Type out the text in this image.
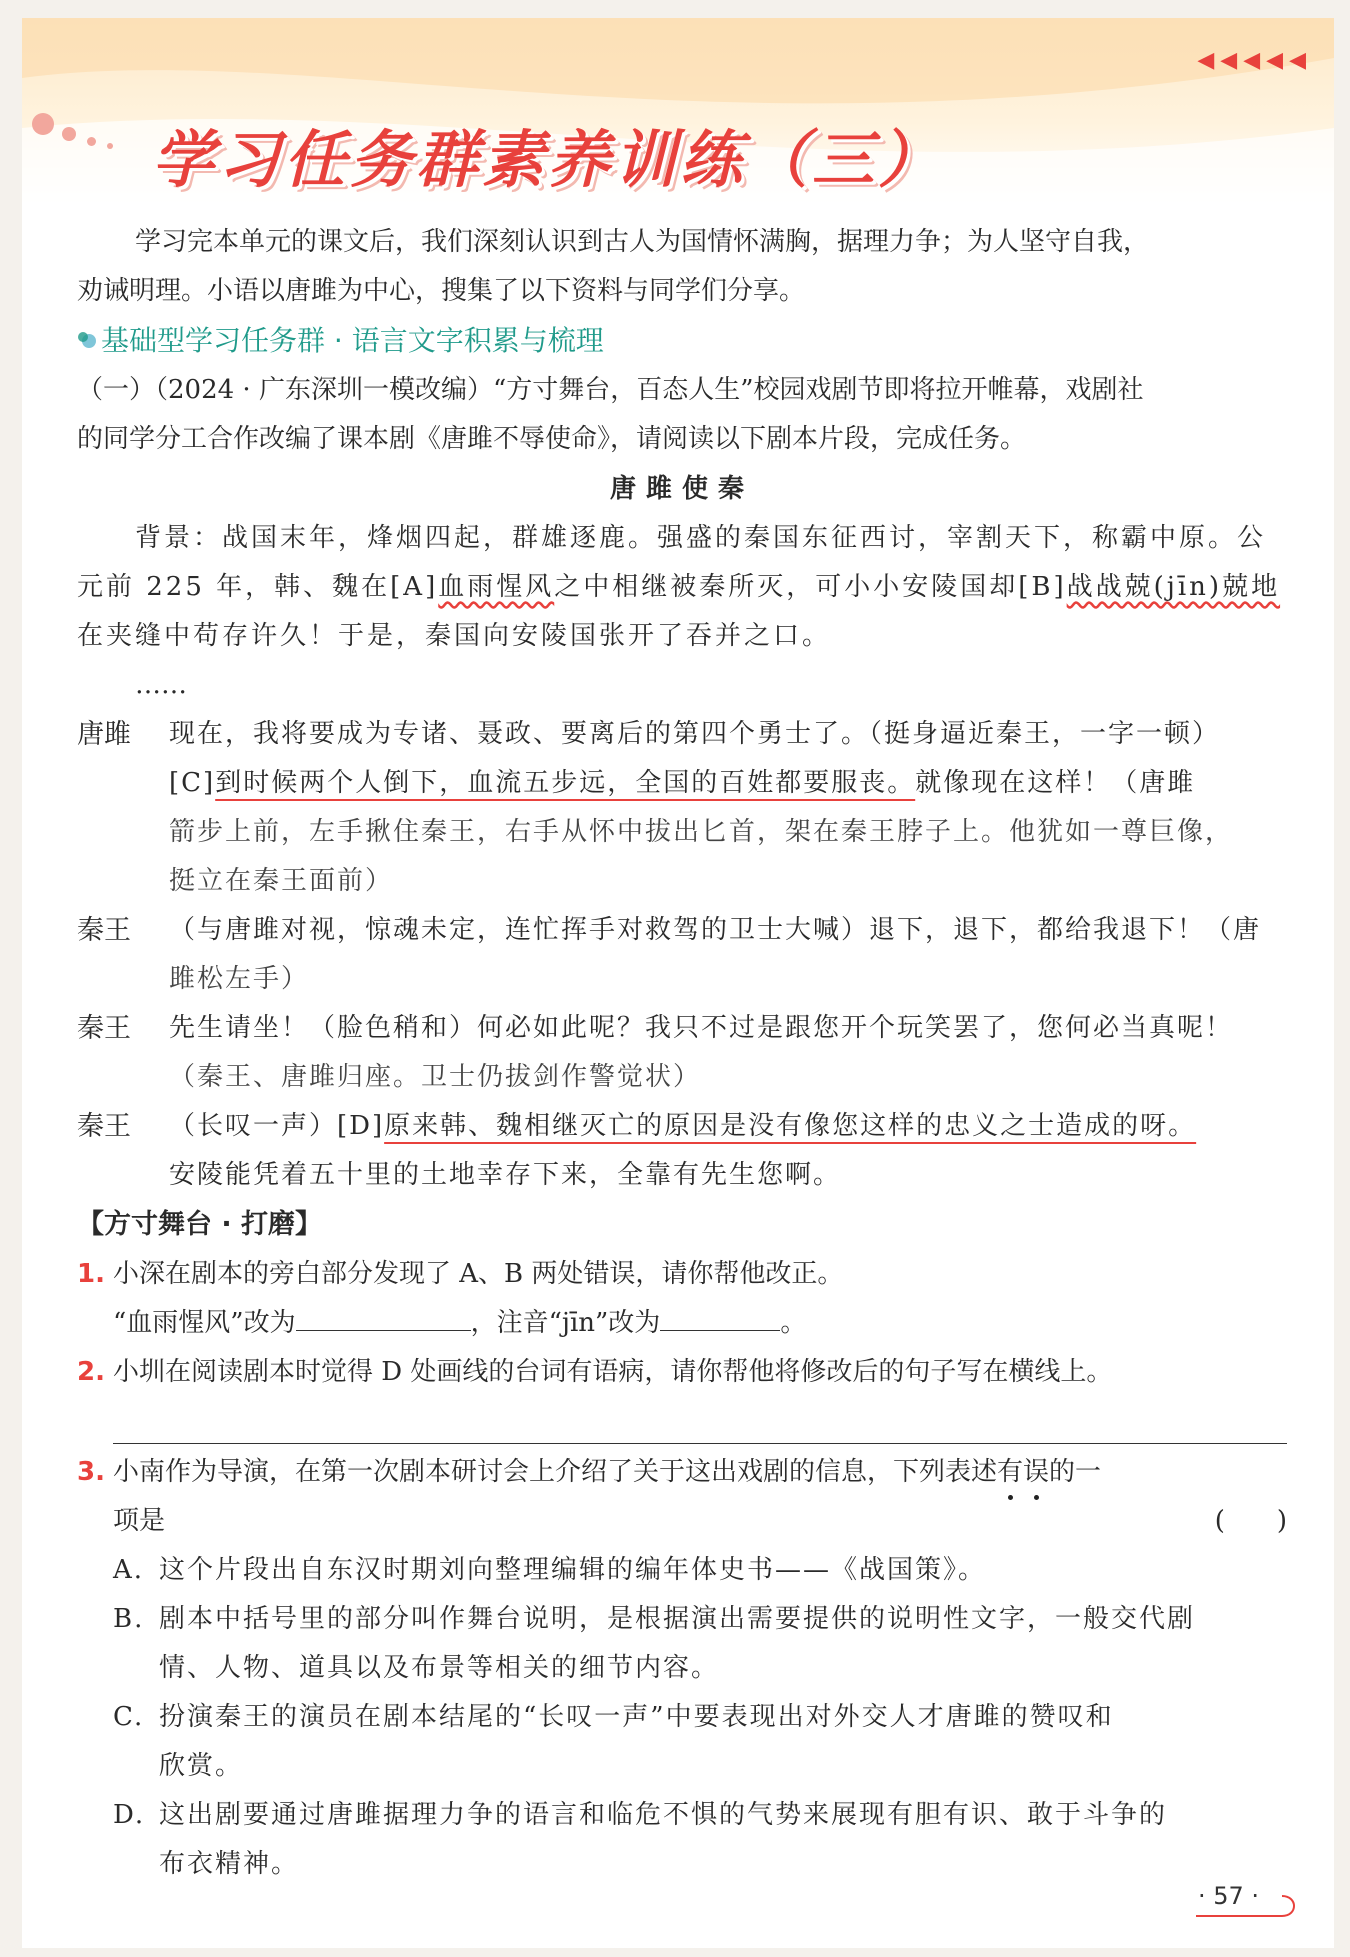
◀◀◀◀◀
学习任务群素养训练（三）

学习完本单元的课文后，我们深刻认识到古人为国情怀满胸，据理力争；为人坚守自我，

劝诫明理。小语以唐雎为中心，搜集了以下资料与同学们分享。

基础型学习任务群 · 语言文字积累与梳理

（一）（2024 · 广东深圳一模改编）“方寸舞台，百态人生”校园戏剧节即将拉开帷幕，戏剧社

的同学分工合作改编了课本剧《唐雎不辱使命》，请阅读以下剧本片段，完成任务。

唐雎使秦

背景：战国末年，烽烟四起，群雄逐鹿。强盛的秦国东征西讨，宰割天下，称霸中原。公

元前 225 年，韩、魏在[A]血雨惺风之中相继被秦所灭，可小小安陵国却[B]战战兢(jīn)兢地

在夹缝中苟存许久！于是，秦国向安陵国张开了吞并之口。

……

唐雎	现在，我将要成为专诸、聂政、要离后的第四个勇士了。（挺身逼近秦王，一字一顿）

[C]到时候两个人倒下，血流五步远，全国的百姓都要服丧。就像现在这样！（唐雎

箭步上前，左手揪住秦王，右手从怀中拔出匕首，架在秦王脖子上。他犹如一尊巨像，

挺立在秦王面前）

秦王	（与唐雎对视，惊魂未定，连忙挥手对救驾的卫士大喊）退下，退下，都给我退下！（唐

雎松左手）

秦王	先生请坐！（脸色稍和）何必如此呢？我只不过是跟您开个玩笑罢了，您何必当真呢！

（秦王、唐雎归座。卫士仍拔剑作警觉状）

秦王	（长叹一声）[D]原来韩、魏相继灭亡的原因是没有像您这样的忠义之士造成的呀。

安陵能凭着五十里的土地幸存下来，全靠有先生您啊。

【方寸舞台 · 打磨】

1. 小深在剧本的旁白部分发现了 A、B 两处错误，请你帮他改正。

“血雨惺风”改为	，注音“jīn”改为	。

2. 小圳在阅读剧本时觉得 D 处画线的台词有语病，请你帮他将修改后的句子写在横线上。

3. 小南作为导演，在第一次剧本研讨会上介绍了关于这出戏剧的信息，下列表述有误的一

项是	(　　)

A. 这个片段出自东汉时期刘向整理编辑的编年体史书——《战国策》。
B. 剧本中括号里的部分叫作舞台说明，是根据演出需要提供的说明性文字，一般交代剧
情、人物、道具以及布景等相关的细节内容。
C. 扮演秦王的演员在剧本结尾的“长叹一声”中要表现出对外交人才唐雎的赞叹和
欣赏。
D. 这出剧要通过唐雎据理力争的语言和临危不惧的气势来展现有胆有识、敢于斗争的
布衣精神。
· 57 ·
